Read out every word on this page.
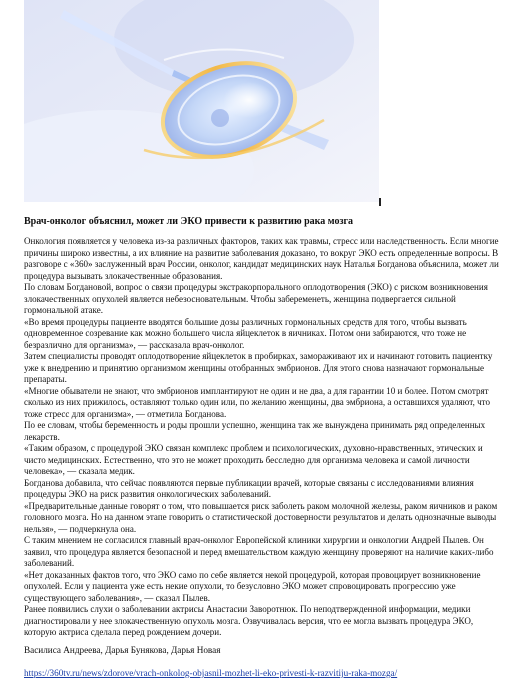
Врач-онколог объяснил, может ли ЭКО привести к развитию рака мозга

Онкология появляется у человека из-за различных факторов, таких как травмы, стресс или наследственность. Если многие причины широко известны, а их влияние на развитие заболевания доказано, то вокруг ЭКО есть определенные вопросы. В разговоре с «360» заслуженный врач России, онколог, кандидат медицинских наук Наталья Богданова объяснила, может ли процедура вызывать злокачественные образования.

По словам Богдановой, вопрос о связи процедуры экстракорпорального оплодотворения (ЭКО) с риском возникновения злокачественных опухолей является небезосновательным. Чтобы забеременеть, женщина подвергается сильной гормональной атаке.

«Во время процедуры пациенте вводятся большие дозы различных гормональных средств для того, чтобы вызвать одновременное созревание как можно большего числа яйцеклеток в яичниках. Потом они забираются, что тоже не безразлично для организма», — рассказала врач-онколог.

Затем специалисты проводят оплодотворение яйцеклеток в пробирках, замораживают их и начинают готовить пациентку уже к внедрению и принятию организмом женщины отобранных эмбрионов. Для этого снова назначают гормональные препараты.

«Многие обыватели не знают, что эмбрионов имплантируют не один и не два, а для гарантии 10 и более. Потом смотрят сколько из них прижилось, оставляют только один или, по желанию женщины, два эмбриона, а оставшихся удаляют, что тоже стресс для организма», — отметила Богданова.

По ее словам, чтобы беременность и роды прошли успешно, женщина так же вынуждена принимать ряд определенных лекарств.

«Таким образом, с процедурой ЭКО связан комплекс проблем и психологических, духовно-нравственных, этических и чисто медицинских. Естественно, что это не может проходить бесследно для организма человека и самой личности человека», — сказала медик.

Богданова добавила, что сейчас появляются первые публикации врачей, которые связаны с исследованиями влияния процедуры ЭКО на риск развития онкологических заболеваний.

«Предварительные данные говорят о том, что повышается риск заболеть раком молочной железы, раком яичников и раком головного мозга. Но на данном этапе говорить о статистической достоверности результатов и делать однозначные выводы нельзя», — подчеркнула она.

С таким мнением не согласился главный врач-онколог Европейской клиники хирургии и онкологии Андрей Пылев. Он заявил, что процедура является безопасной и перед вмешательством каждую женщину проверяют на наличие каких-либо заболеваний.

«Нет доказанных фактов того, что ЭКО само по себе является некой процедурой, которая провоцирует возникновение опухолей. Если у пациента уже есть некие опухоли, то безусловно ЭКО может спровоцировать прогрессию уже существующего заболевания», — сказал Пылев.

Ранее появились слухи о заболевании актрисы Анастасии Заворотнюк. По неподтвержденной информации, медики диагностировали у нее злокачественную опухоль мозга. Озвучивалась версия, что ее могла вызвать процедура ЭКО, которую актриса сделала перед рождением дочери.

Василиса Андреева, Дарья Бунякова, Дарья Новая
https://360tv.ru/news/zdorove/vrach-onkolog-objasnil-mozhet-li-eko-privesti-k-razvitiju-raka-mozga/
